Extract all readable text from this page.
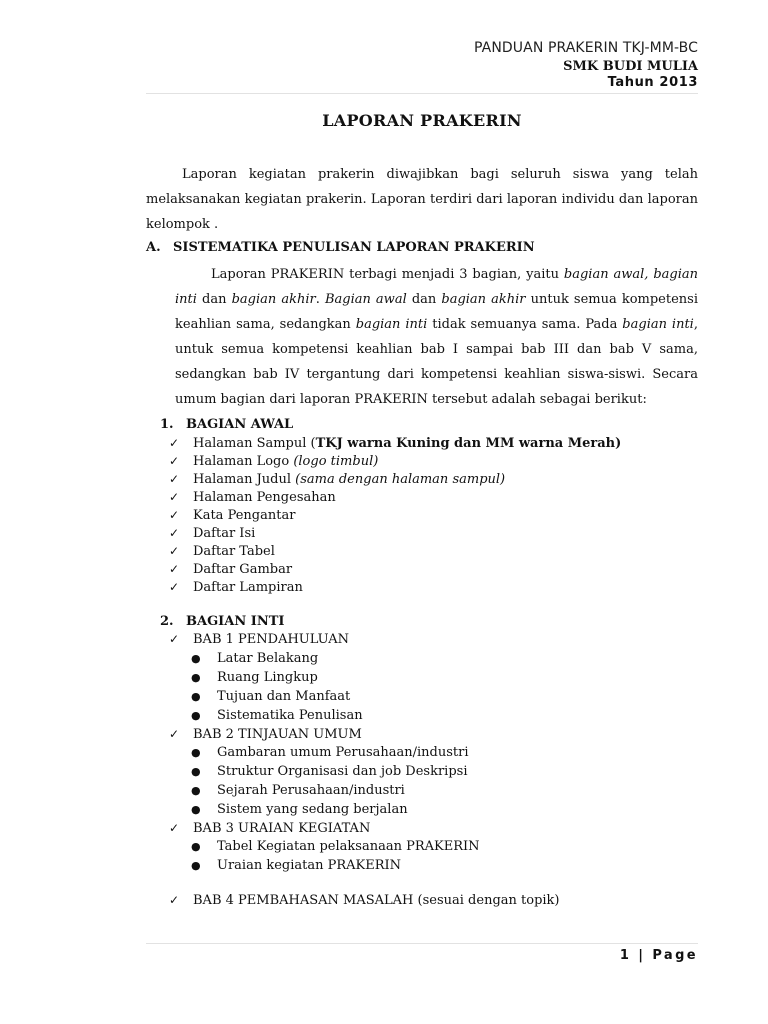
PANDUAN PRAKERIN TKJ-MM-BC
SMK BUDI MULIA
Tahun 2013
LAPORAN PRAKERIN
Laporan kegiatan prakerin diwajibkan bagi seluruh siswa yang telah melaksanakan kegiatan prakerin. Laporan terdiri dari laporan individu dan laporan kelompok .
A. SISTEMATIKA PENULISAN LAPORAN PRAKERIN
Laporan PRAKERIN terbagi menjadi 3 bagian, yaitu bagian awal, bagian inti dan bagian akhir. Bagian awal dan bagian akhir untuk semua kompetensi keahlian sama, sedangkan bagian inti tidak semuanya sama. Pada bagian inti, untuk semua kompetensi keahlian bab I sampai bab III dan bab V sama, sedangkan bab IV tergantung dari kompetensi keahlian siswa-siswi. Secara umum bagian dari laporan PRAKERIN tersebut adalah sebagai berikut:
1. BAGIAN AWAL
✓ Halaman Sampul (TKJ warna Kuning dan MM warna Merah)
✓ Halaman Logo (logo timbul)
✓ Halaman Judul (sama dengan halaman sampul)
✓ Halaman Pengesahan
✓ Kata Pengantar
✓ Daftar Isi
✓ Daftar Tabel
✓ Daftar Gambar
✓ Daftar Lampiran
2. BAGIAN INTI
✓ BAB 1 PENDAHULUAN
● Latar Belakang
● Ruang Lingkup
● Tujuan dan Manfaat
● Sistematika Penulisan
✓ BAB 2 TINJAUAN UMUM
● Gambaran umum Perusahaan/industri
● Struktur Organisasi dan job Deskripsi
● Sejarah Perusahaan/industri
● Sistem yang sedang berjalan
✓ BAB 3 URAIAN KEGIATAN
● Tabel Kegiatan pelaksanaan PRAKERIN
● Uraian kegiatan PRAKERIN
✓ BAB 4 PEMBAHASAN MASALAH (sesuai dengan topik)
1 | Page
